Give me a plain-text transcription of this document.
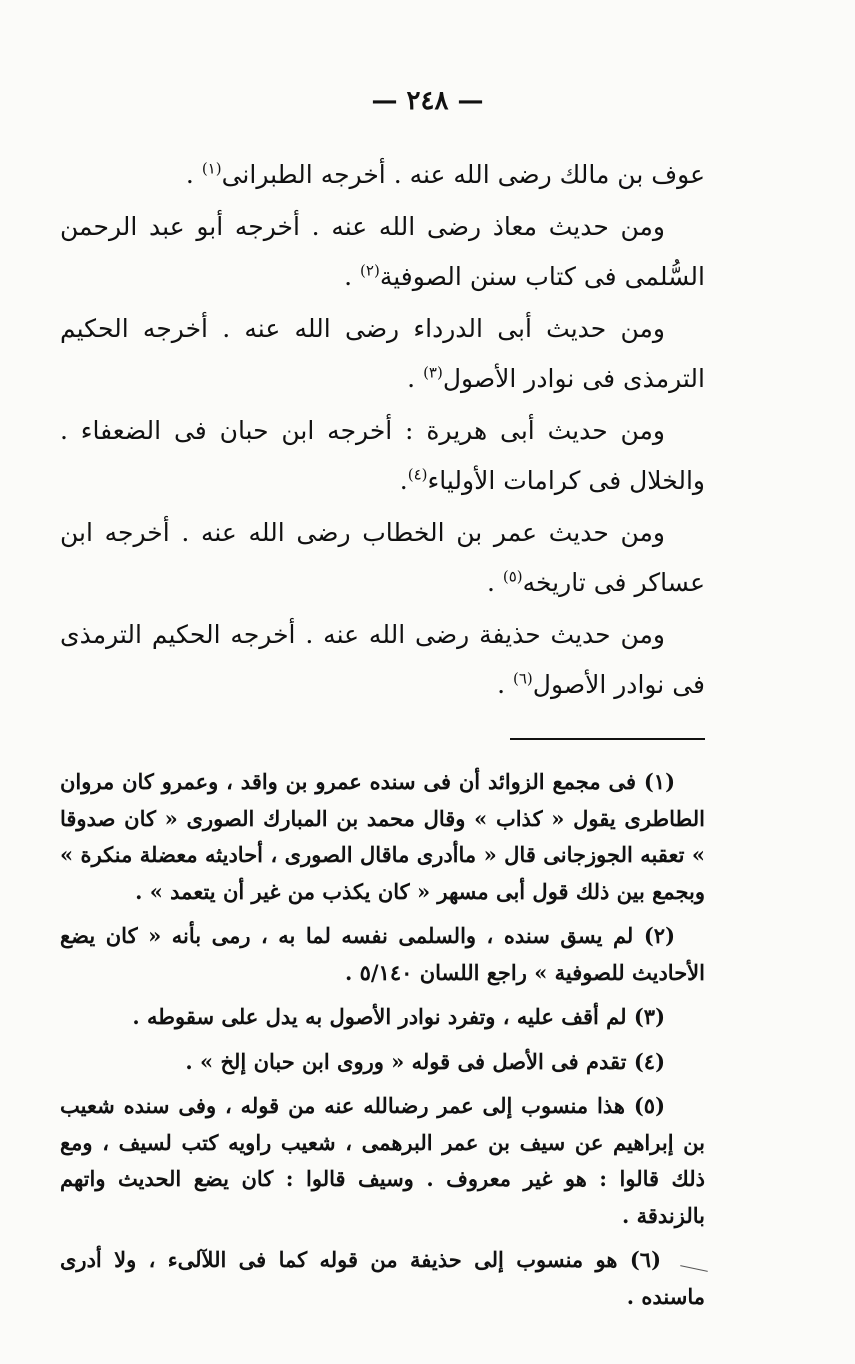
— ٢٤٨ —

عوف بن مالك رضى الله عنه . أخرجه الطبرانى$^{(١)}$ .

ومن حديث معاذ رضى الله عنه . أخرجه أبو عبد الرحمن السُّلمى فى كتاب سنن الصوفية$^{(٢)}$ .

ومن حديث أبى الدرداء رضى الله عنه . أخرجه الحكيم الترمذى فى نوادر الأصول$^{(٣)}$ .

ومن حديث أبى هريرة : أخرجه ابن حبان فى الضعفاء . والخلال فى كرامات الأولياء$^{(٤)}$.

ومن حديث عمر بن الخطاب رضى الله عنه . أخرجه ابن عساكر فى تاريخه$^{(٥)}$ .

ومن حديث حذيفة رضى الله عنه . أخرجه الحكيم الترمذى فى نوادر الأصول$^{(٦)}$ .

(١) فى مجمع الزوائد أن فى سنده عمرو بن واقد ، وعمرو كان مروان الطاطرى يقول « كذاب » وقال محمد بن المبارك الصورى « كان صدوقا » تعقبه الجوزجانى قال « ماأدرى ماقال الصورى ، أحاديثه معضلة منكرة » وبجمع بين ذلك قول أبى مسهر « كان يكذب من غير أن يتعمد » .

(٢) لم يسق سنده ، والسلمى نفسه لما به ، رمى بأنه « كان يضع الأحاديث للصوفية » راجع اللسان ٥/١٤٠ .

(٣) لم أقف عليه ، وتفرد نوادر الأصول به يدل على سقوطه .

(٤) تقدم فى الأصل فى قوله « وروى ابن حبان إلخ » .

(٥) هذا منسوب إلى عمر رضىالله عنه من قوله ، وفى سنده شعيب بن إبراهيم عن سيف بن عمر البرهمى ، شعيب راويه كتب لسيف ، ومع ذلك قالوا : هو غير معروف . وسيف قالوا : كان يضع الحديث واتهم بالزندقة .

(٦) هو منسوب إلى حذيفة من قوله كما فى اللآلىء ، ولا أدرى ماسنده .
